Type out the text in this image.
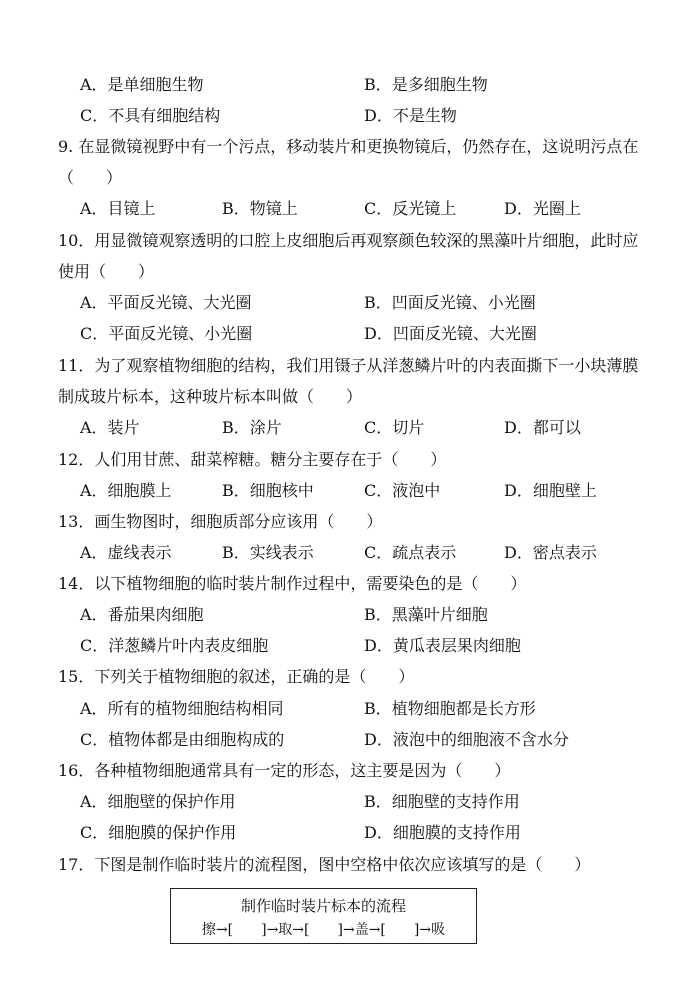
A．是单细胞生物	B．是多细胞生物
C．不具有细胞结构	D．不是生物
9. 在显微镜视野中有一个污点，移动装片和更换物镜后，仍然存在，这说明污点在
（　　）
A．目镜上	B．物镜上	C．反光镜上	D．光圈上
10．用显微镜观察透明的口腔上皮细胞后再观察颜色较深的黑藻叶片细胞，此时应
使用（　　）
A．平面反光镜、大光圈	B．凹面反光镜、小光圈
C．平面反光镜、小光圈	D．凹面反光镜、大光圈
11．为了观察植物细胞的结构，我们用镊子从洋葱鳞片叶的内表面撕下一小块薄膜
制成玻片标本，这种玻片标本叫做（　　）
A．装片	B．涂片	C．切片	D．都可以
12．人们用甘蔗、甜菜榨糖。糖分主要存在于（　　）
A．细胞膜上	B．细胞核中	C．液泡中	D．细胞壁上
13．画生物图时，细胞质部分应该用（　　）
A．虚线表示	B．实线表示	C．疏点表示	D．密点表示
14．以下植物细胞的临时装片制作过程中，需要染色的是（　　）
A．番茄果肉细胞	B．黑藻叶片细胞
C．洋葱鳞片叶内表皮细胞	D．黄瓜表层果肉细胞
15．下列关于植物细胞的叙述，正确的是（　　）
A．所有的植物细胞结构相同	B．植物细胞都是长方形
C．植物体都是由细胞构成的	D．液泡中的细胞液不含水分
16．各种植物细胞通常具有一定的形态，这主要是因为（　　）
A．细胞壁的保护作用	B．细胞壁的支持作用
C．细胞膜的保护作用	D．细胞膜的支持作用
17．下图是制作临时装片的流程图，图中空格中依次应该填写的是（　　）
制作临时装片标本的流程
擦→[　　]→取→[　　]→盖→[　　]→吸
